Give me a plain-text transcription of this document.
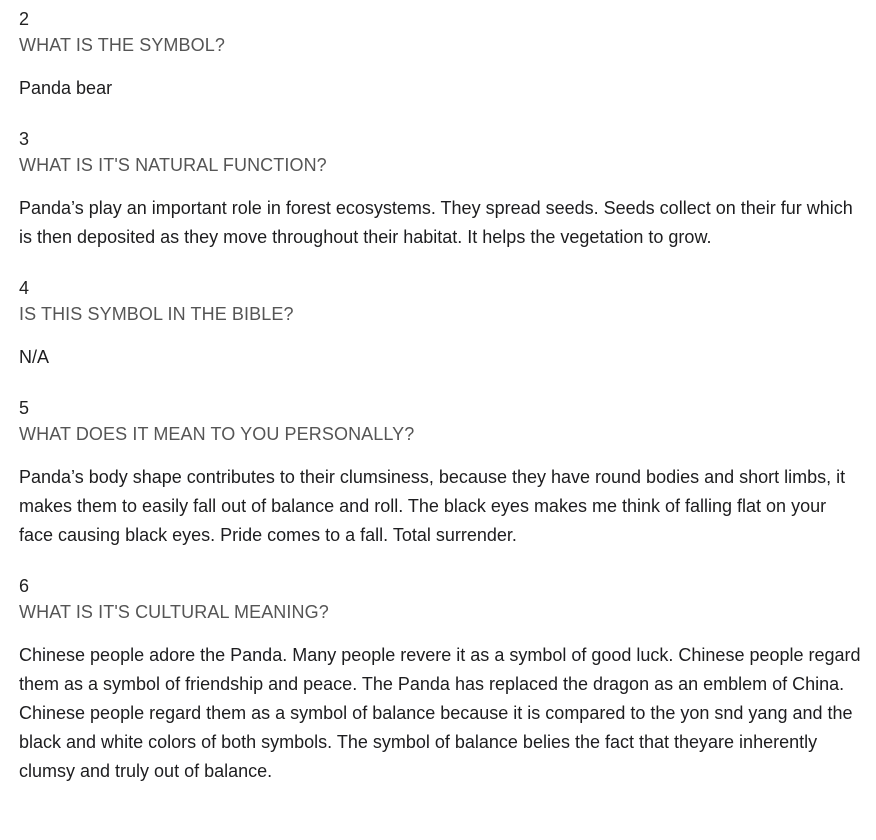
2
WHAT IS THE SYMBOL?
Panda bear
3
WHAT IS IT'S NATURAL FUNCTION?
Panda’s play an important role in forest ecosystems. They spread seeds. Seeds collect on their fur which is then deposited as they move throughout their habitat. It helps the vegetation to grow.
4
IS THIS SYMBOL IN THE BIBLE?
N/A
5
WHAT DOES IT MEAN TO YOU PERSONALLY?
Panda’s body shape contributes to their clumsiness, because they have round bodies and short limbs, it makes them to easily fall out of balance and roll. The black eyes makes me think of falling flat on your face causing black eyes. Pride comes to a fall. Total surrender.
6
WHAT IS IT'S CULTURAL MEANING?
Chinese people adore the Panda. Many people revere it as a symbol of good luck. Chinese people regard them as a symbol of friendship and peace. The Panda has replaced the dragon as an emblem of China. Chinese people regard them as a symbol of balance because it is compared to the yon snd yang and the black and white colors of both symbols. The symbol of balance belies the fact that theyare inherently clumsy and truly out of balance.
